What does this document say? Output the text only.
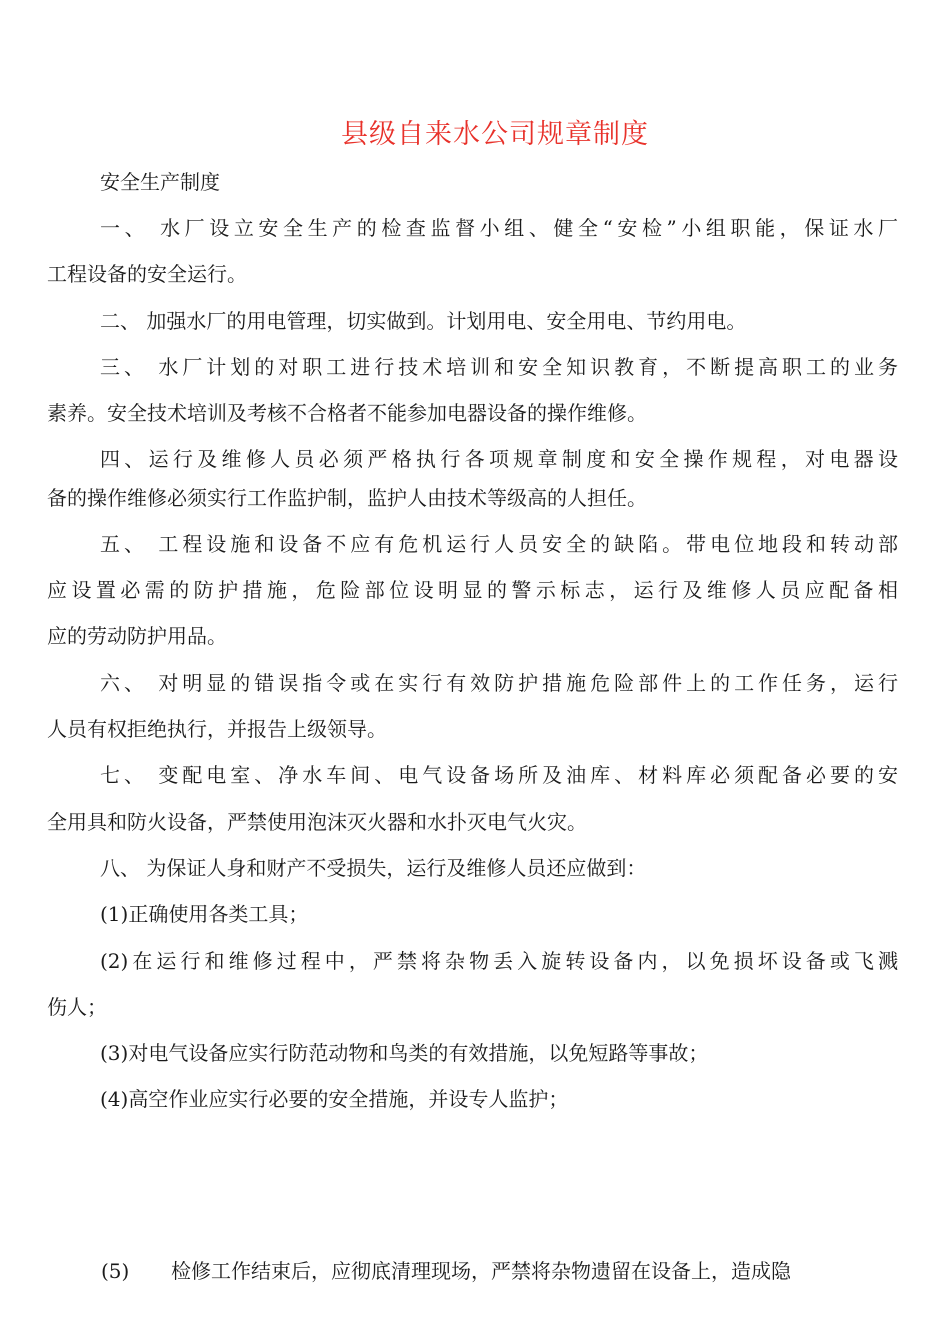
县级自来水公司规章制度
安全生产制度
一、 水厂设立安全生产的检查监督小组、健全“安检”小组职能，保证水厂
工程设备的安全运行。
二、 加强水厂的用电管理，切实做到。计划用电、安全用电、节约用电。
三、 水厂计划的对职工进行技术培训和安全知识教育，不断提高职工的业务
素养。安全技术培训及考核不合格者不能参加电器设备的操作维修。
四、运行及维修人员必须严格执行各项规章制度和安全操作规程，对电器设
备的操作维修必须实行工作监护制，监护人由技术等级高的人担任。
五、 工程设施和设备不应有危机运行人员安全的缺陷。带电位地段和转动部
应设置必需的防护措施，危险部位设明显的警示标志，运行及维修人员应配备相
应的劳动防护用品。
六、 对明显的错误指令或在实行有效防护措施危险部件上的工作任务，运行
人员有权拒绝执行，并报告上级领导。
七、 变配电室、净水车间、电气设备场所及油库、材料库必须配备必要的安
全用具和防火设备，严禁使用泡沫灭火器和水扑灭电气火灾。
八、 为保证人身和财产不受损失，运行及维修人员还应做到：
(1)正确使用各类工具；
(2)在运行和维修过程中，严禁将杂物丢入旋转设备内，以免损坏设备或飞溅
伤人；
(3)对电气设备应实行防范动物和鸟类的有效措施，以免短路等事故；
(4)高空作业应实行必要的安全措施，并设专人监护；
(5) 检修工作结束后，应彻底清理现场，严禁将杂物遗留在设备上，造成隐
